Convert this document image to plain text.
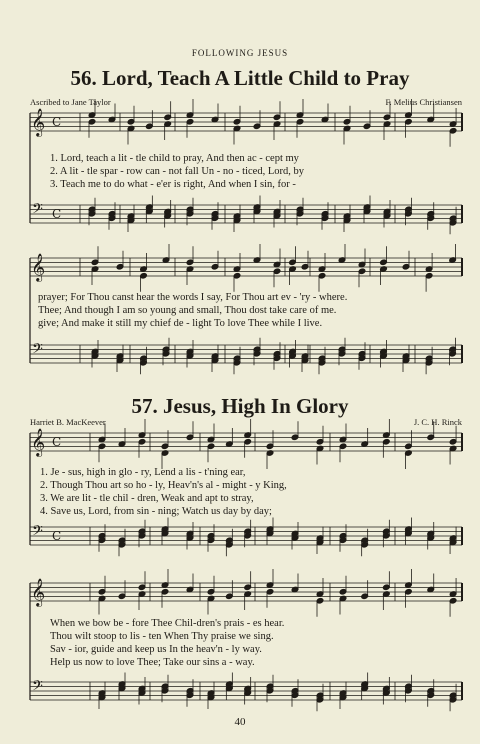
FOLLOWING JESUS
56. Lord, Teach A Little Child to Pray
Ascribed to Jane Taylor	F. Melius Christiansen
1. Lord, teach a lit - tle child to pray, And then ac - cept my
2. A lit - tle spar - row can - not fall Un - no - ticed, Lord, by
3. Teach me to do what - e'er is right, And when I sin, for -
prayer; For Thou canst hear the words I say, For Thou art ev - 'ry - where.
Thee; And though I am so young and small, Thou dost take care of me.
give; And make it still my chief de - light To love Thee while I live.
57. Jesus, High In Glory
Harriet B. MacKeever	J. C. H. Rinck
1. Je - sus, high in glo - ry, Lend a lis - t'ning ear,
2. Though Thou art so ho - ly, Heav'n's al - might - y King,
3. We are lit - tle chil - dren, Weak and apt to stray,
4. Save us, Lord, from sin - ning; Watch us day by day;
When we bow be - fore Thee Chil-dren's prais - es hear.
Thou wilt stoop to lis - ten When Thy praise we sing.
Sav - ior, guide and keep us In the heav'n - ly way.
Help us now to love Thee; Take our sins a - way.
40
𝄞 C
𝄢 C
𝄞
𝄢
𝄞 C
𝄢 C
𝄞
𝄢
